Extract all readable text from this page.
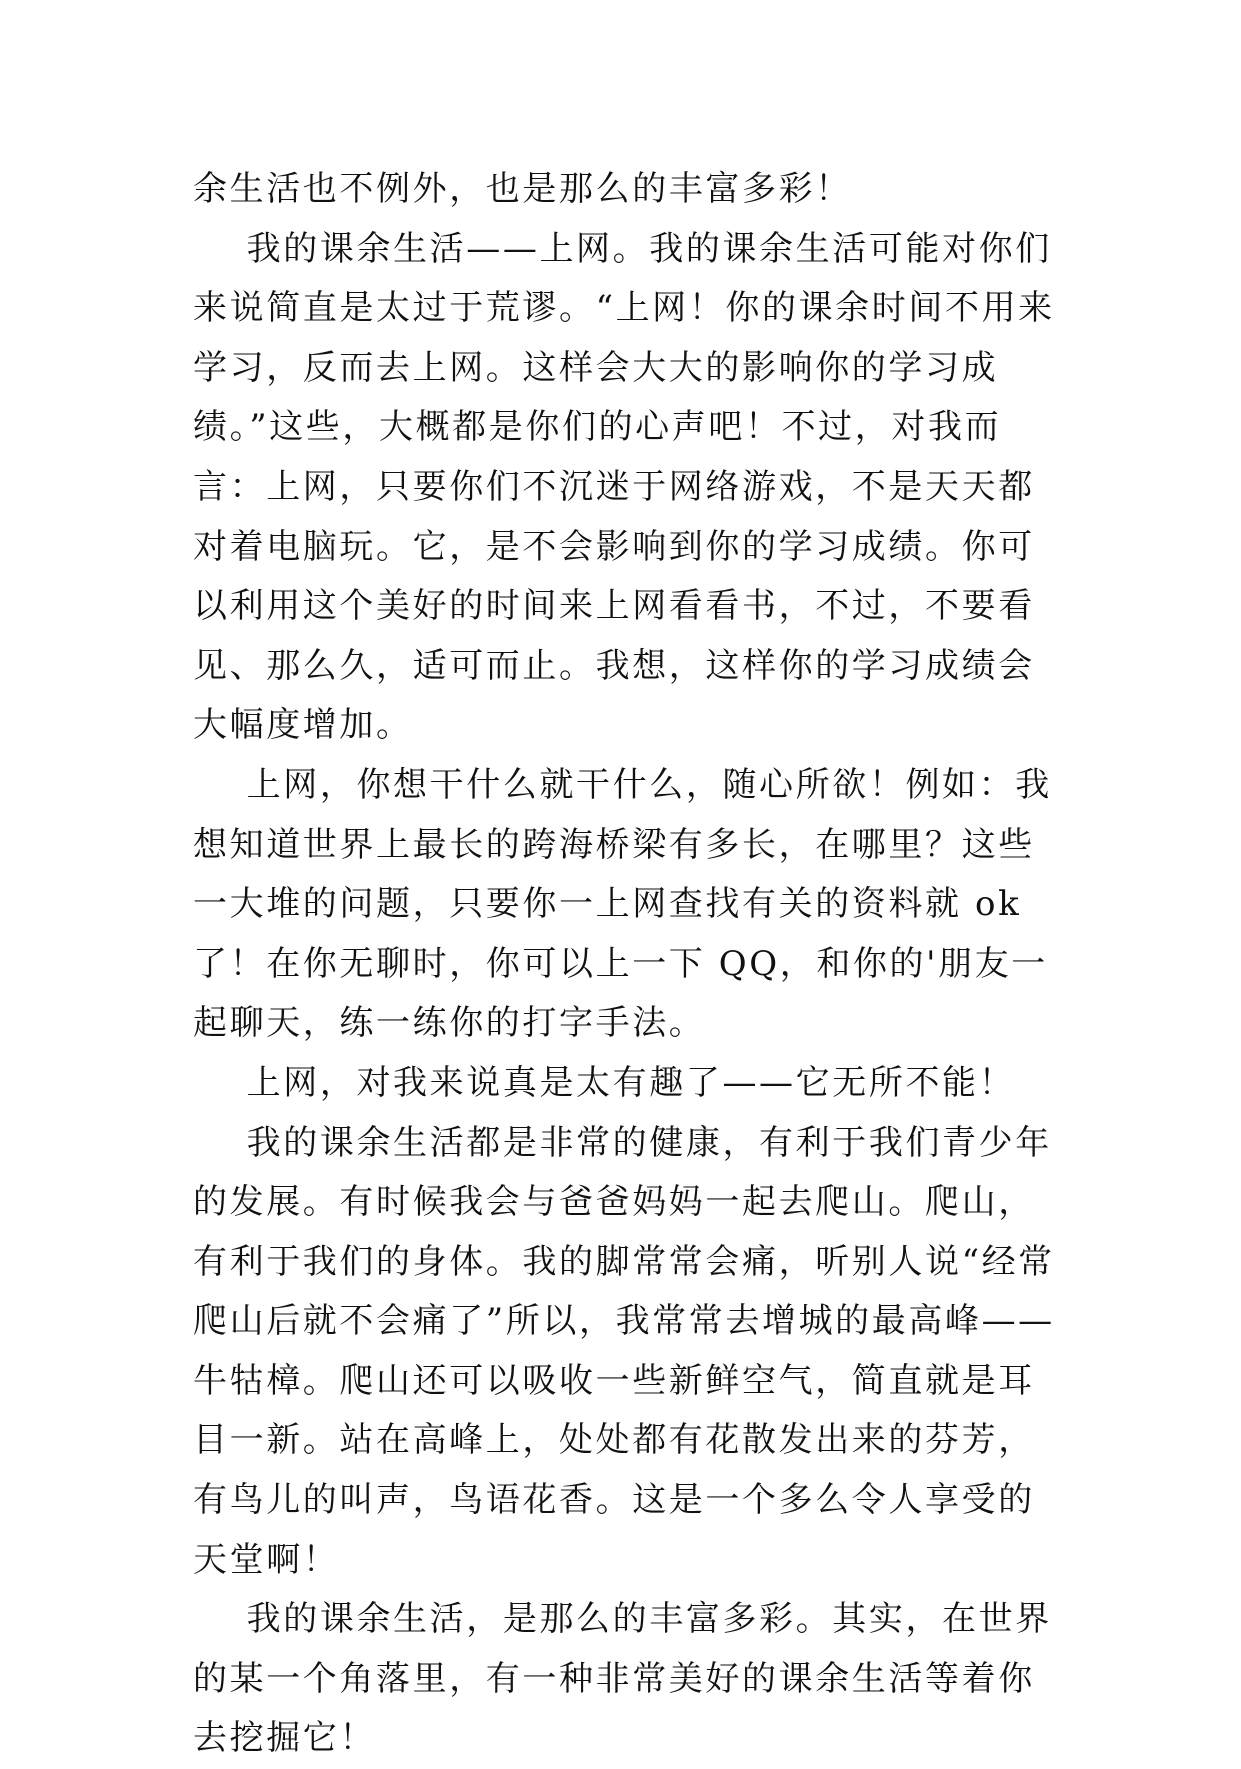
余生活也不例外，也是那么的丰富多彩！

我的课余生活——上网。我的课余生活可能对你们来说简直是太过于荒谬。“上网！你的课余时间不用来学习，反而去上网。这样会大大的影响你的学习成绩。”这些，大概都是你们的心声吧！不过，对我而言：上网，只要你们不沉迷于网络游戏，不是天天都对着电脑玩。它，是不会影响到你的学习成绩。你可以利用这个美好的时间来上网看看书，不过，不要看见、那么久，适可而止。我想，这样你的学习成绩会大幅度增加。

上网，你想干什么就干什么，随心所欲！例如：我想知道世界上最长的跨海桥梁有多长，在哪里？这些一大堆的问题，只要你一上网查找有关的资料就 ok 了！在你无聊时，你可以上一下 QQ，和你的'朋友一起聊天，练一练你的打字手法。

上网，对我来说真是太有趣了——它无所不能！

我的课余生活都是非常的健康，有利于我们青少年的发展。有时候我会与爸爸妈妈一起去爬山。爬山，有利于我们的身体。我的脚常常会痛，听别人说“经常爬山后就不会痛了”所以，我常常去增城的最高峰——牛牯樟。爬山还可以吸收一些新鲜空气，简直就是耳目一新。站在高峰上，处处都有花散发出来的芬芳，有鸟儿的叫声，鸟语花香。这是一个多么令人享受的天堂啊！

我的课余生活，是那么的丰富多彩。其实，在世界的某一个角落里，有一种非常美好的课余生活等着你去挖掘它！
